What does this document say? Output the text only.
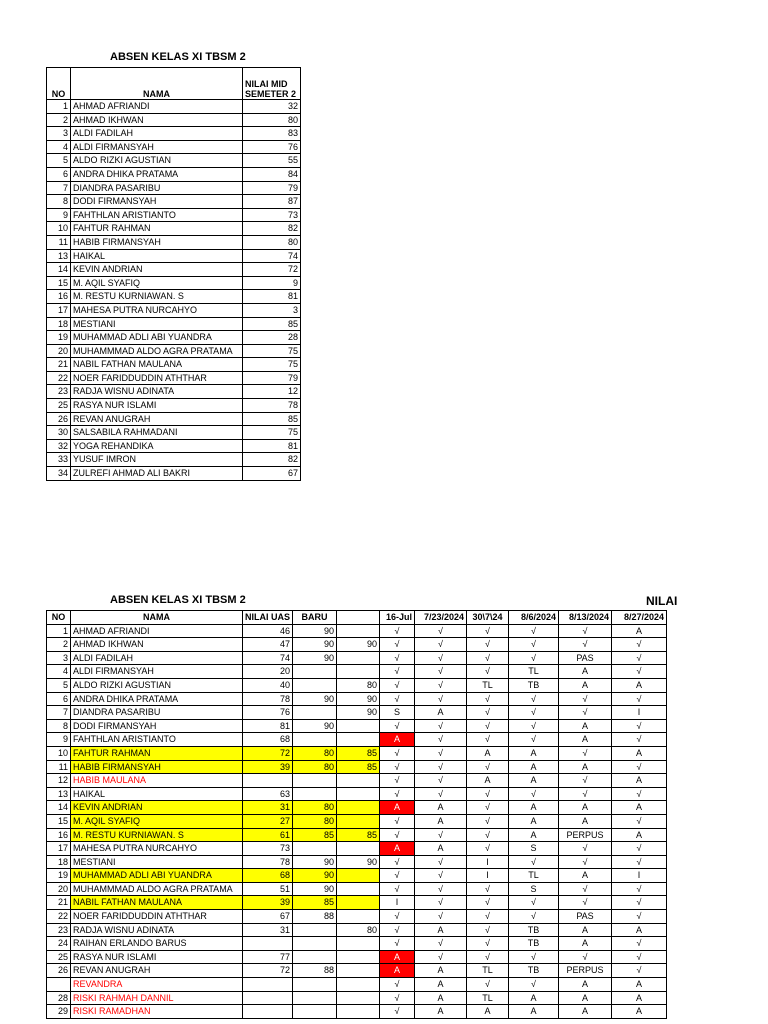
ABSEN KELAS XI TBSM 2
NO	NAMA	NILAI MID SEMETER 2
1	AHMAD AFRIANDI	32
2	AHMAD IKHWAN	80
3	ALDI FADILAH	83
4	ALDI FIRMANSYAH	76
5	ALDO RIZKI AGUSTIAN	55
6	ANDRA DHIKA PRATAMA	84
7	DIANDRA PASARIBU	79
8	DODI FIRMANSYAH	87
9	FAHTHLAN ARISTIANTO	73
10	FAHTUR RAHMAN	82
11	HABIB FIRMANSYAH	80
13	HAIKAL	74
14	KEVIN ANDRIAN	72
15	M. AQIL SYAFIQ	9
16	M. RESTU KURNIAWAN. S	81
17	MAHESA PUTRA NURCAHYO	3
18	MESTIANI	85
19	MUHAMMAD ADLI ABI YUANDRA	28
20	MUHAMMMAD ALDO AGRA PRATAMA	75
21	NABIL FATHAN MAULANA	75
22	NOER FARIDDUDDIN ATHTHAR	79
23	RADJA WISNU ADINATA	12
25	RASYA NUR ISLAMI	78
26	REVAN ANUGRAH	85
30	SALSABILA RAHMADANI	75
32	YOGA REHANDIKA	81
33	YUSUF IMRON	82
34	ZULREFI AHMAD ALI BAKRI	67
ABSEN KELAS XI TBSM 2	NILAI
NO	NAMA	NILAI UAS	BARU		16-Jul	7/23/2024	30\7\24	8/6/2024	8/13/2024	8/27/2024
1	AHMAD AFRIANDI	46	90		√	√	√	√	√	A
2	AHMAD IKHWAN	47	90	90	√	√	√	√	√	√
3	ALDI FADILAH	74	90		√	√	√	√	PAS	√
4	ALDI FIRMANSYAH	20			√	√	√	TL	A	√
5	ALDO RIZKI AGUSTIAN	40		80	√	√	TL	TB	A	A
6	ANDRA DHIKA PRATAMA	78	90	90	√	√	√	√	√	√
7	DIANDRA PASARIBU	76		90	S	A	√	√	√	I
8	DODI FIRMANSYAH	81	90		√	√	√	√	A	√
9	FAHTHLAN ARISTIANTO	68			A	√	√	√	A	√
10	FAHTUR RAHMAN	72	80	85	√	√	A	A	√	A
11	HABIB FIRMANSYAH	39	80	85	√	√	√	A	A	√
12	HABIB MAULANA				√	√	A	A	√	A
13	HAIKAL	63			√	√	√	√	√	√
14	KEVIN ANDRIAN	31	80		A	A	√	A	A	A
15	M. AQIL SYAFIQ	27	80		√	A	√	A	A	√
16	M. RESTU KURNIAWAN. S	61	85	85	√	√	√	A	PERPUS	A
17	MAHESA PUTRA NURCAHYO	73			A	A	√	S	√	√
18	MESTIANI	78	90	90	√	√	I	√	√	√
19	MUHAMMAD ADLI ABI YUANDRA	68	90		√	√	I	TL	A	I
20	MUHAMMMAD ALDO AGRA PRATAMA	51	90		√	√	√	S	√	√
21	NABIL FATHAN MAULANA	39	85		I	√	√	√	√	√
22	NOER FARIDDUDDIN ATHTHAR	67	88		√	√	√	√	PAS	√
23	RADJA WISNU ADINATA	31		80	√	A	√	TB	A	A
24	RAIHAN ERLANDO BARUS				√	√	√	TB	A	√
25	RASYA NUR ISLAMI	77			A	√	√	√	√	√
26	REVAN ANUGRAH	72	88		A	A	TL	TB	PERPUS	√
	REVANDRA				√	A	√	√	A	A
28	RISKI RAHMAH DANNIL				√	A	TL	A	A	A
29	RISKI RAMADHAN				√	A	A	A	A	A
